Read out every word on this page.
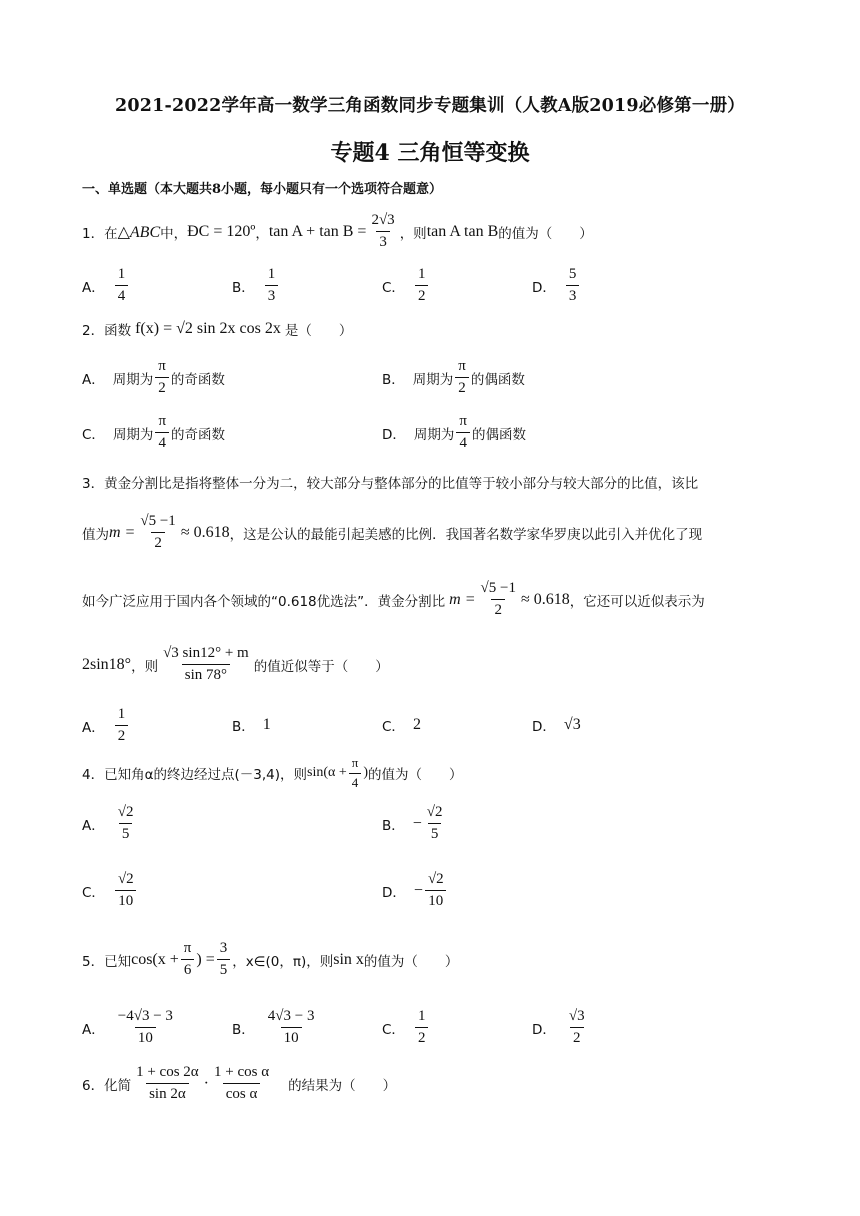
2021-2022学年高一数学三角函数同步专题集训（人教A版2019必修第一册）
专题4 三角恒等变换
一、单选题（本大题共8小题，每小题只有一个选项符合题意）
1． 在 △ABC 中， ÐC = 120º ， $\tan A + \tan B = \frac{2√3}{3}$ ，则 tan A tan B 的值为（　　）
A． $\frac{1}{4}$	B． $\frac{1}{3}$	C． $\frac{1}{2}$	D． $\frac{5}{3}$
2． 函数 f(x) = √2 sin 2x cos 2x 是（　　）
A． 周期为 $\frac{\pi}{2}$ 的奇函数	B． 周期为 $\frac{\pi}{2}$ 的偶函数
C． 周期为 $\frac{\pi}{4}$ 的奇函数	D． 周期为 $\frac{\pi}{4}$ 的偶函数
3．黄金分割比是指将整体一分为二，较大部分与整体部分的比值等于较小部分与较大部分的比值，该比
值为 $m = \frac{√5 -1}{2} \approx 0.618$ ，这是公认的最能引起美感的比例．我国著名数学家华罗庚以此引入并优化了现
如今广泛应用于国内各个领域的“0.618优选法”．黄金分割比 $m = \frac{√5 -1}{2} \approx 0.618$ ，它还可以近似表示为
2sin18° ，则 $\frac{√3 \sin 12^\circ + m}{\sin 78^\circ}$ 的值近似等于（　　）
A． $\frac{1}{2}$	B． 1	C． 2	D． √3
4．已知角α的终边经过点(－3,4)，则 $\sin(\alpha + \frac{\pi}{4}$ ) 的值为（　　）
A． $\frac{√2}{5}$	B． − $\frac{√2}{5}$
C． $\frac{√2}{10}$	D． − $\frac{√2}{10}$
5．已知 $\cos(x + \frac{\pi}{6}$ ) = $\frac{3}{5}$ ，x∈(0，π)，则 sin x 的值为（　　）
A． $\frac{-4√3 - 3}{10}$	B． $\frac{4√3 - 3}{10}$	C． $\frac{1}{2}$	D． $\frac{√3}{2}$
6．化简 $\frac{1 + \cos 2\alpha}{\sin 2\alpha} \cdot \frac{\text{1 + cos α}}{\text{cos α}}$ 的结果为（　　）
